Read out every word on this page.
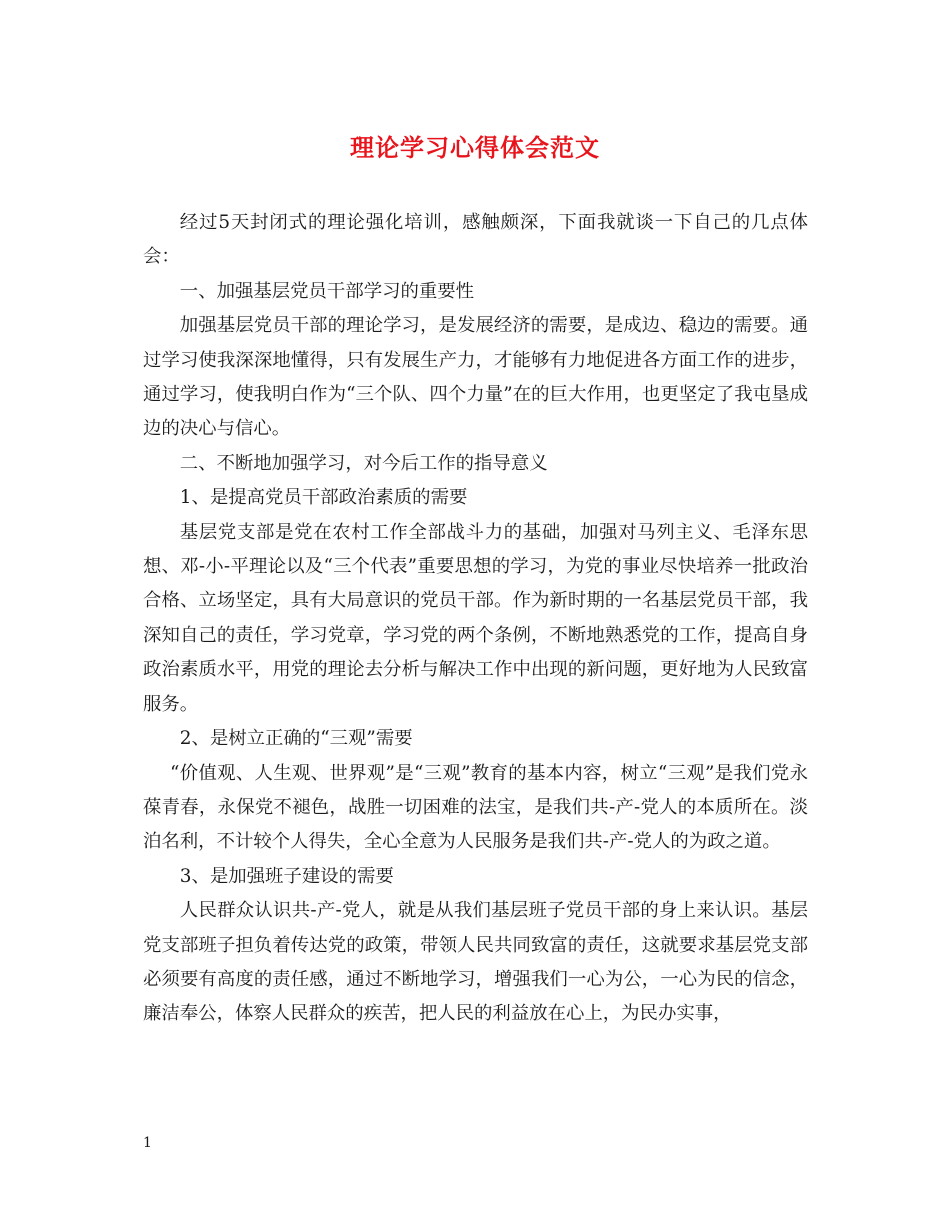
理论学习心得体会范文

经过5天封闭式的理论强化培训，感触颇深，下面我就谈一下自己的几点体会：

一、加强基层党员干部学习的重要性

加强基层党员干部的理论学习，是发展经济的需要，是成边、稳边的需要。通过学习使我深深地懂得，只有发展生产力，才能够有力地促进各方面工作的进步，通过学习，使我明白作为“三个队、四个力量”在的巨大作用，也更坚定了我屯垦成边的决心与信心。

二、不断地加强学习，对今后工作的指导意义

1、是提高党员干部政治素质的需要

基层党支部是党在农村工作全部战斗力的基础，加强对马列主义、毛泽东思想、邓-小-平理论以及“三个代表”重要思想的学习，为党的事业尽快培养一批政治合格、立场坚定，具有大局意识的党员干部。作为新时期的一名基层党员干部，我深知自己的责任，学习党章，学习党的两个条例，不断地熟悉党的工作，提高自身政治素质水平，用党的理论去分析与解决工作中出现的新问题，更好地为人民致富服务。

2、是树立正确的“三观”需要

“价值观、人生观、世界观”是“三观”教育的基本内容，树立“三观”是我们党永葆青春，永保党不褪色，战胜一切困难的法宝，是我们共-产-党人的本质所在。淡泊名利，不计较个人得失，全心全意为人民服务是我们共-产-党人的为政之道。

3、是加强班子建设的需要

人民群众认识共-产-党人，就是从我们基层班子党员干部的身上来认识。基层党支部班子担负着传达党的政策，带领人民共同致富的责任，这就要求基层党支部必须要有高度的责任感，通过不断地学习，增强我们一心为公，一心为民的信念，廉洁奉公，体察人民群众的疾苦，把人民的利益放在心上，为民办实事，

1
